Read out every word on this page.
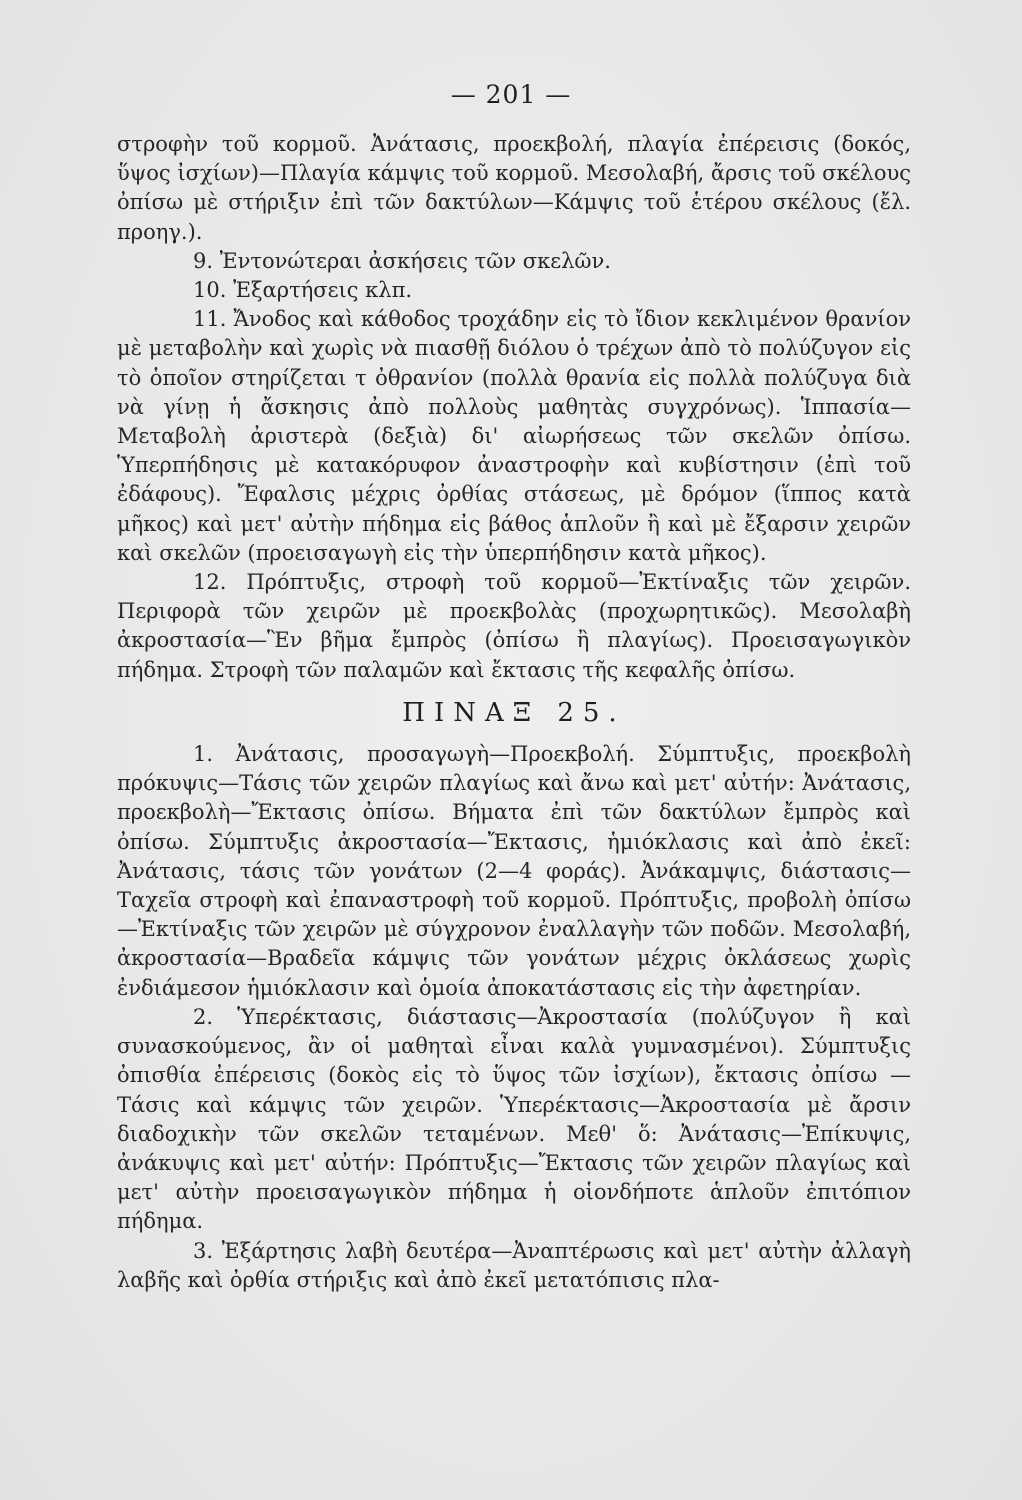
— 201 —

στροφὴν τοῦ κορμοῦ. Ἀνάτασις, προεκβολή, πλαγία ἐπέρεισις (δοκός, ὕψος ἰσχίων)—Πλαγία κάμψις τοῦ κορμοῦ. Μεσολαβή, ἄρσις τοῦ σκέλους ὀπίσω μὲ στήριξιν ἐπὶ τῶν δακτύλων—Κάμψις τοῦ ἑτέρου σκέλους (ἔλ. προηγ.).

9. Ἐντονώτεραι ἀσκήσεις τῶν σκελῶν.

10. Ἐξαρτήσεις κλπ.

11. Ἄνοδος καὶ κάθοδος τροχάδην εἰς τὸ ἴδιον κεκλιμένον θρανίον μὲ μεταβολὴν καὶ χωρὶς νὰ πιασθῇ διόλου ὁ τρέχων ἀπὸ τὸ πολύζυγον εἰς τὸ ὁποῖον στηρίζεται τ ὀθρανίον (πολλὰ θρανία εἰς πολλὰ πολύζυγα διὰ νὰ γίνῃ ἡ ἄσκησις ἀπὸ πολλοὺς μαθητὰς συγχρόνως). Ἱππασία—Μεταβολὴ ἀριστερὰ (δεξιὰ) δι' αἰωρήσεως τῶν σκελῶν ὀπίσω. Ὑπερπήδησις μὲ κατακόρυφον ἀναστροφὴν καὶ κυβίστησιν (ἐπὶ τοῦ ἐδάφους). Ἔφαλσις μέχρις ὀρθίας στάσεως, μὲ δρόμον (ἵππος κατὰ μῆκος) καὶ μετ' αὐτὴν πήδημα εἰς βάθος ἁπλοῦν ἢ καὶ μὲ ἔξαρσιν χειρῶν καὶ σκελῶν (προεισαγωγὴ εἰς τὴν ὑπερπήδησιν κατὰ μῆκος).

12. Πρόπτυξις, στροφὴ τοῦ κορμοῦ—Ἐκτίναξις τῶν χειρῶν. Περιφορὰ τῶν χειρῶν μὲ προεκβολὰς (προχωρητικῶς). Μεσολαβὴ ἀκροστασία—Ἓν βῆμα ἔμπρὸς (ὀπίσω ἢ πλαγίως). Προεισαγωγικὸν πήδημα. Στροφὴ τῶν παλαμῶν καὶ ἔκτασις τῆς κεφαλῆς ὀπίσω.

ΠΙΝΑΞ 25.

1. Ἀνάτασις, προσαγωγὴ—Προεκβολή. Σύμπτυξις, προεκβολὴ πρόκυψις—Τάσις τῶν χειρῶν πλαγίως καὶ ἄνω καὶ μετ' αὐτήν: Ἀνάτασις, προεκβολὴ—Ἔκτασις ὀπίσω. Βήματα ἐπὶ τῶν δακτύλων ἔμπρὸς καὶ ὀπίσω. Σύμπτυξις ἀκροστασία—Ἔκτασις, ἡμιόκλασις καὶ ἀπὸ ἐκεῖ: Ἀνάτασις, τάσις τῶν γονάτων (2—4 φοράς). Ἀνάκαμψις, διάστασις—Ταχεῖα στροφὴ καὶ ἐπαναστροφὴ τοῦ κορμοῦ. Πρόπτυξις, προβολὴ ὀπίσω—Ἐκτίναξις τῶν χειρῶν μὲ σύγχρονον ἐναλλαγὴν τῶν ποδῶν. Μεσολαβή, ἀκροστασία—Βραδεῖα κάμψις τῶν γονάτων μέχρις ὀκλάσεως χωρὶς ἐνδιάμεσον ἡμιόκλασιν καὶ ὁμοία ἀποκατάστασις εἰς τὴν ἀφετηρίαν.

2. Ὑπερέκτασις, διάστασις—Ἀκροστασία (πολύζυγον ἢ καὶ συνασκούμενος, ἂν οἱ μαθηταὶ εἶναι καλὰ γυμνασμένοι). Σύμπτυξις ὀπισθία ἐπέρεισις (δοκὸς εἰς τὸ ὕψος τῶν ἰσχίων), ἔκτασις ὀπίσω —Τάσις καὶ κάμψις τῶν χειρῶν. Ὑπερέκτασις—Ἀκροστασία μὲ ἄρσιν διαδοχικὴν τῶν σκελῶν τεταμένων. Μεθ' ὅ: Ἀνάτασις—Ἐπίκυψις, ἀνάκυψις καὶ μετ' αὐτήν: Πρόπτυξις—Ἔκτασις τῶν χειρῶν πλαγίως καὶ μετ' αὐτὴν προεισαγωγικὸν πήδημα ἡ οἱονδήποτε ἁπλοῦν ἐπιτόπιον πήδημα.

3. Ἐξάρτησις λαβὴ δευτέρα—Ἀναπτέρωσις καὶ μετ' αὐτὴν ἀλλαγὴ λαβῆς καὶ ὀρθία στήριξις καὶ ἀπὸ ἐκεῖ μετατόπισις πλα-
